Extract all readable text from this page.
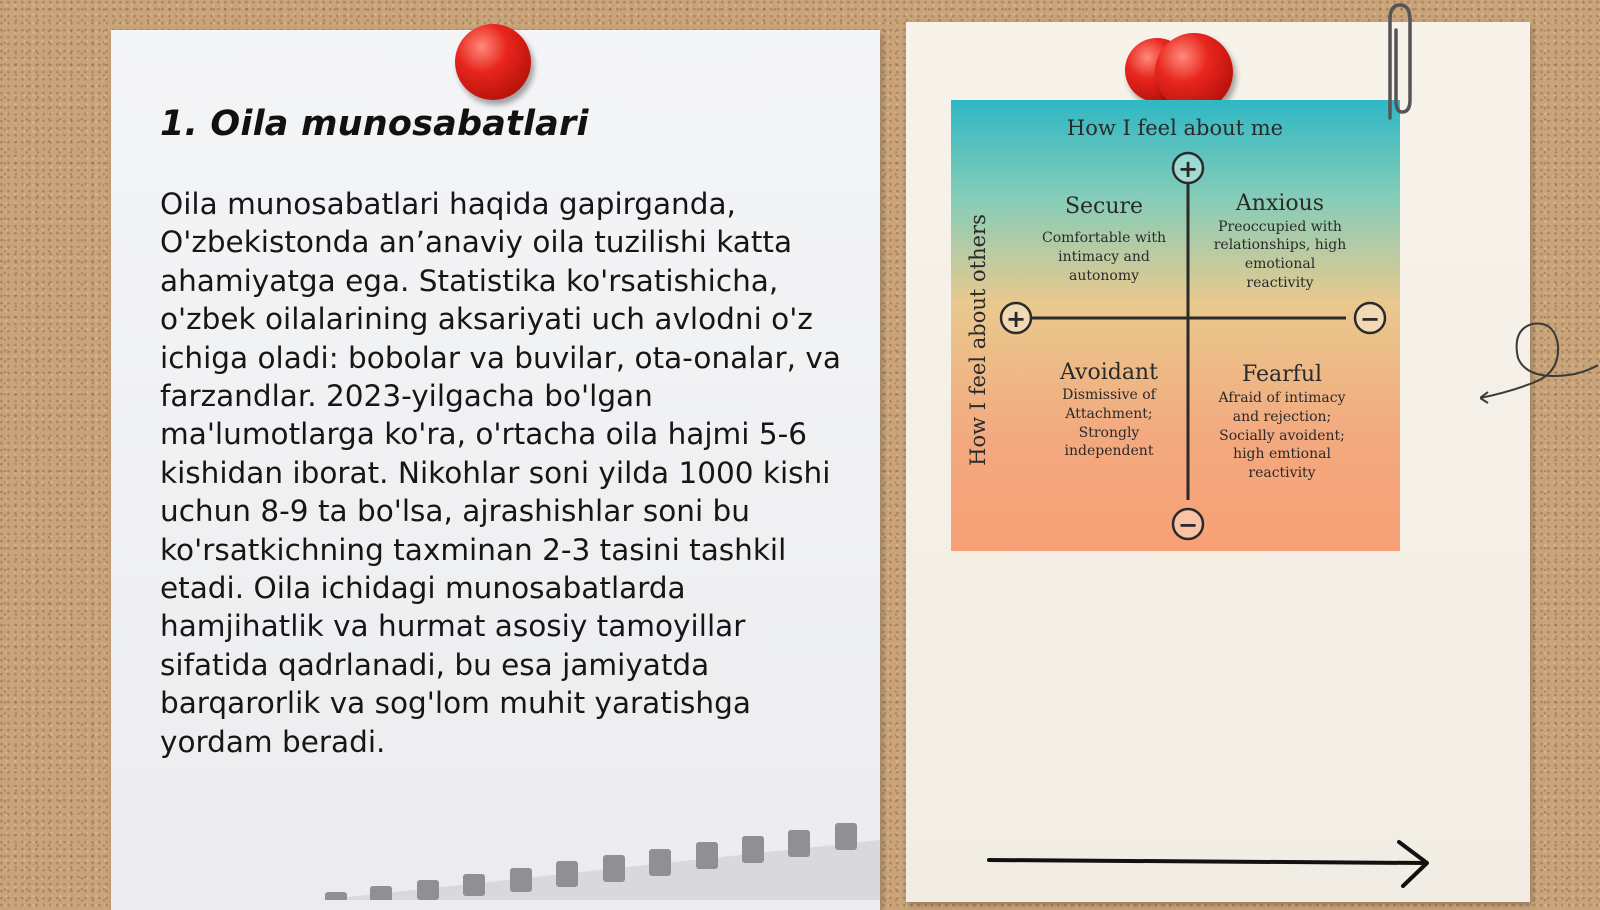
1. Oila munosabatlari

Oila munosabatlari haqida gapirganda, O'zbekistonda an’anaviy oila tuzilishi katta ahamiyatga ega. Statistika ko'rsatishicha, o'zbek oilalarining aksariyati uch avlodni o'z ichiga oladi: bobolar va buvilar, ota-onalar, va farzandlar. 2023-yilgacha bo'lgan ma'lumotlarga ko'ra, o'rtacha oila hajmi 5-6 kishidan iborat. Nikohlar soni yilda 1000 kishi uchun 8-9 ta bo'lsa, ajrashishlar soni bu ko'rsatkichning taxminan 2-3 tasini tashkil etadi. Oila ichidagi munosabatlarda hamjihatlik va hurmat asosiy tamoyillar sifatida qadrlanadi, bu esa jamiyatda barqarorlik va sog'lom muhit yaratishga yordam beradi.

How I feel about me
How I feel about others
+
+	−
−
Secure
Comfortable with
intimacy and
autonomy
Anxious
Preoccupied with
relationships, high
emotional
reactivity
Avoidant
Dismissive of
Attachment;
Strongly
independent
Fearful
Afraid of intimacy
and rejection;
Socially avoident;
high emtional
reactivity
